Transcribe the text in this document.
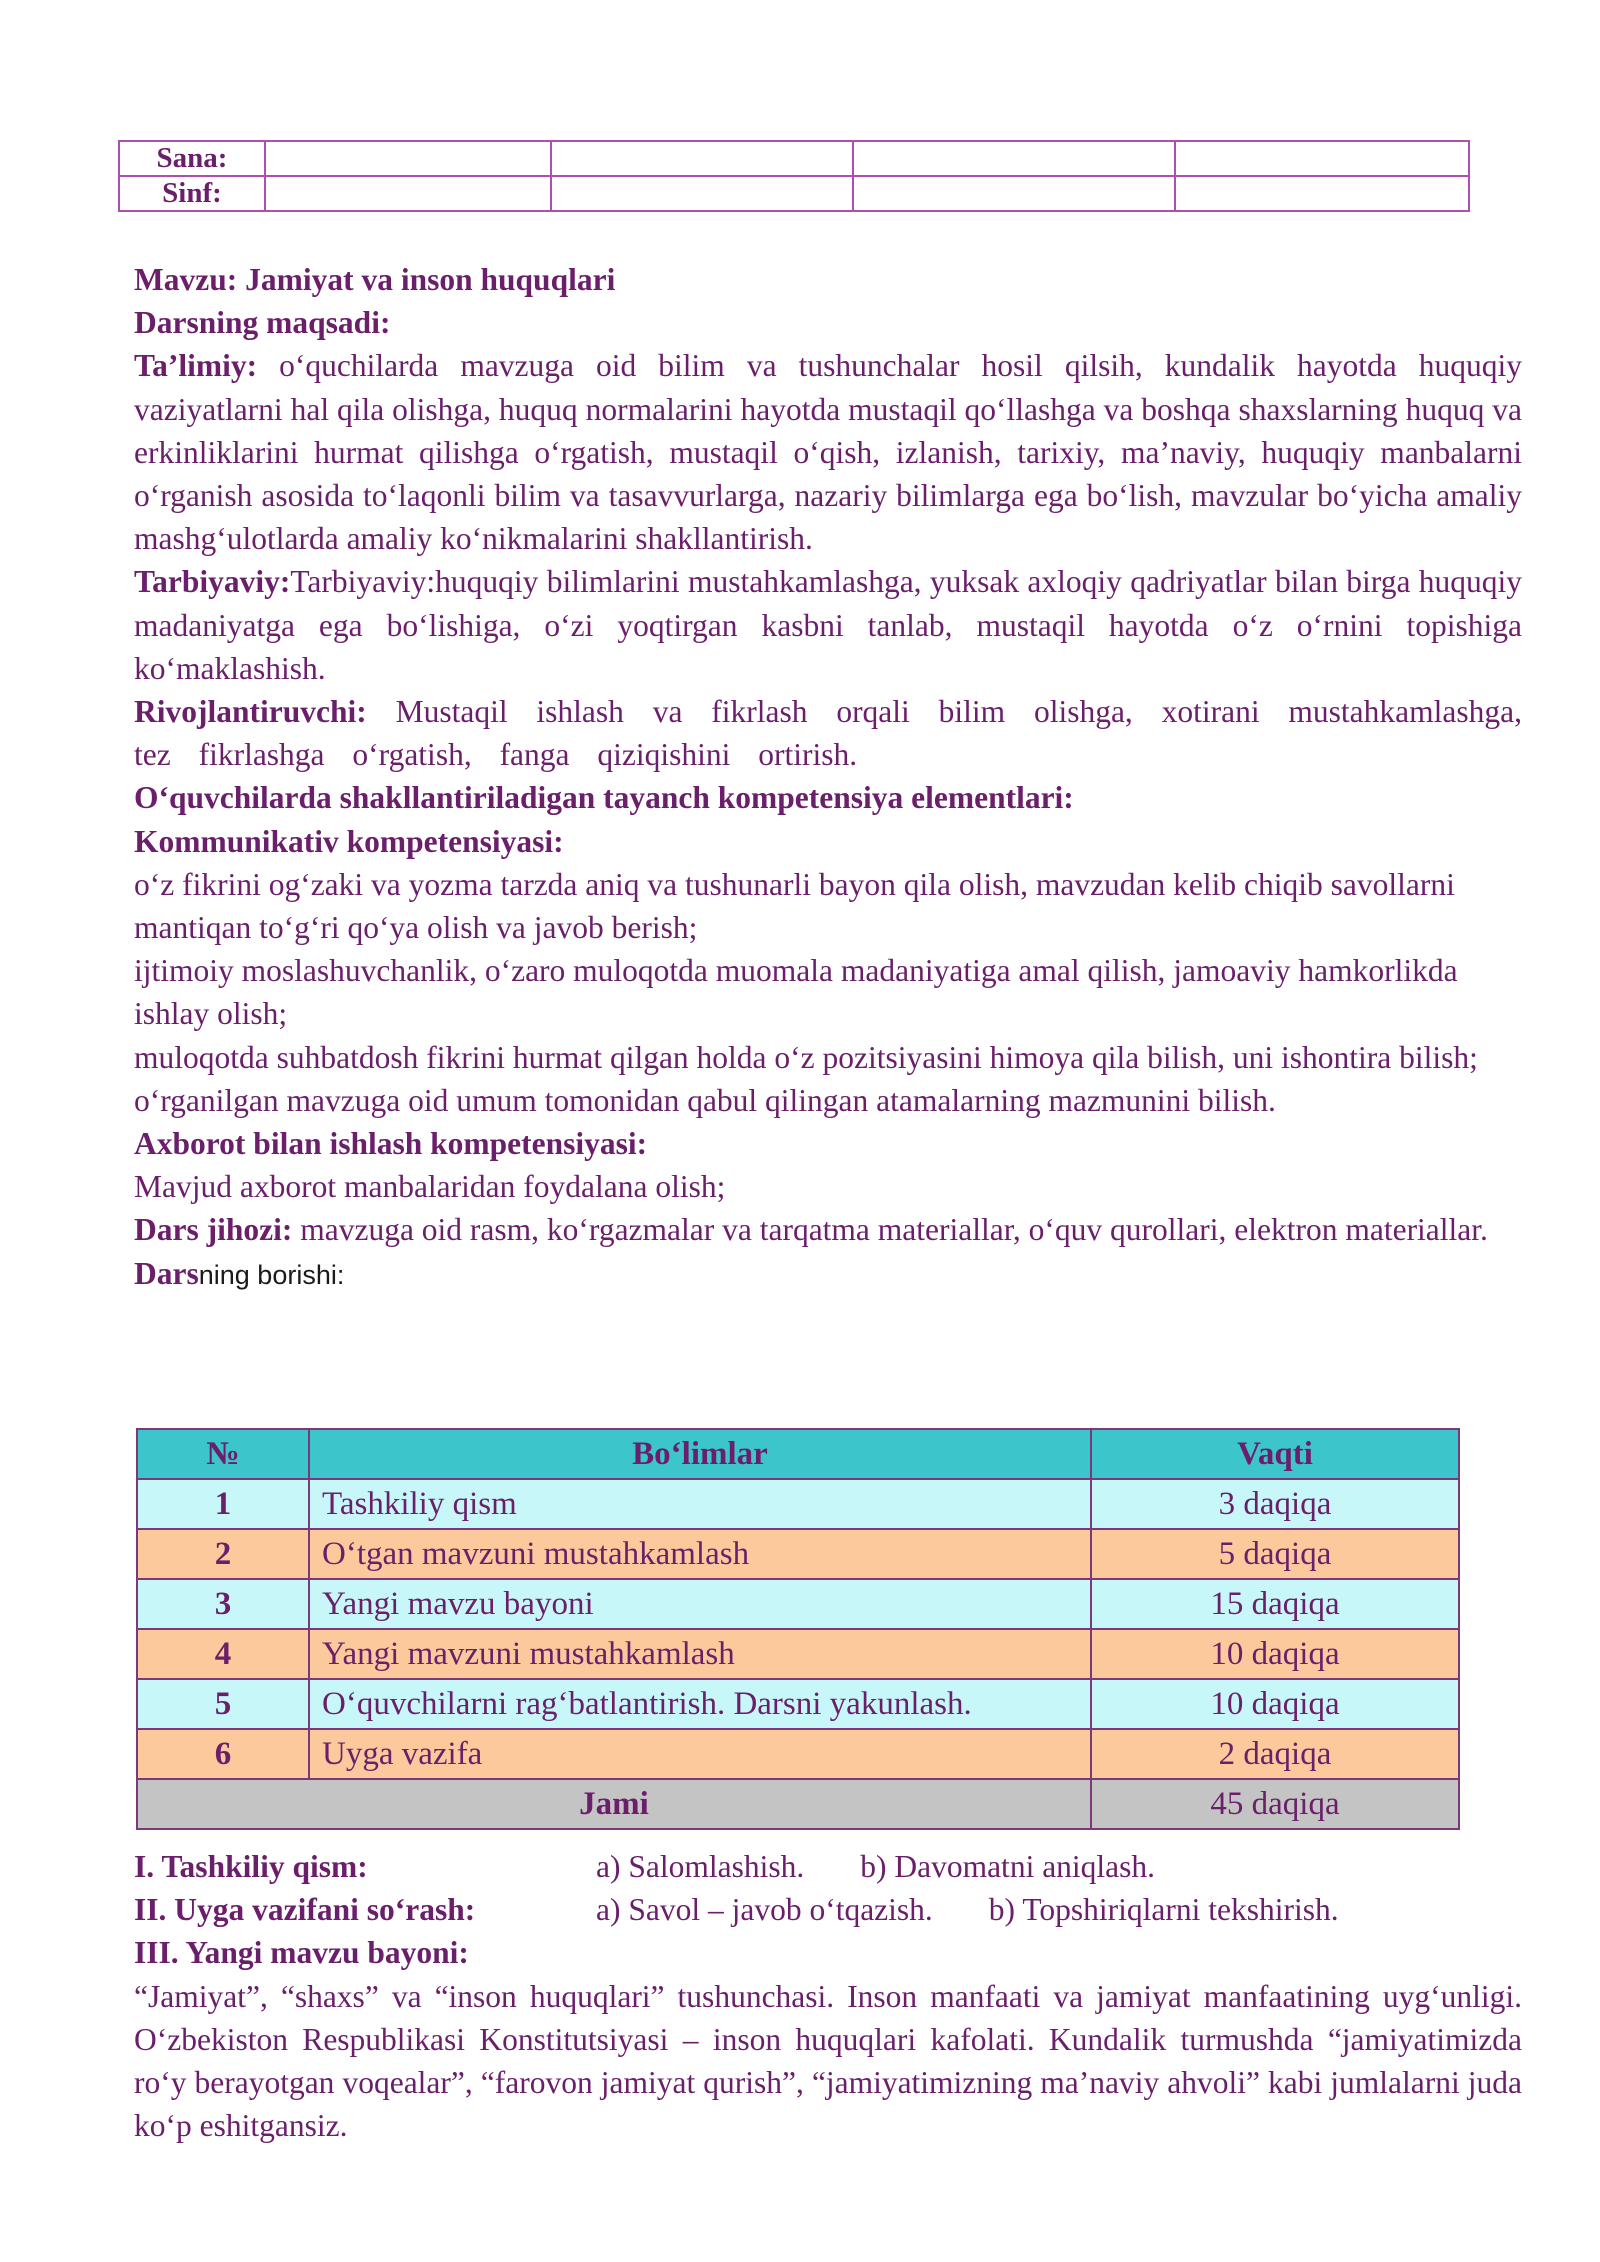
Sana:				
Sinf:				

Mavzu: Jamiyat va inson huquqlari

Darsning maqsadi:

Ta’limiy: o‘quchilarda mavzuga oid bilim va tushunchalar hosil qilsih, kundalik hayotda huquqiy vaziyatlarni hal qila olishga, huquq normalarini hayotda mustaqil qo‘llashga va boshqa shaxslarning huquq va erkinliklarini hurmat qilishga o‘rgatish, mustaqil o‘qish, izlanish, tarixiy, ma’naviy, huquqiy manbalarni o‘rganish asosida to‘laqonli bilim va tasavvurlarga, nazariy bilimlarga ega bo‘lish, mavzular bo‘yicha amaliy mashg‘ulotlarda amaliy ko‘nikmalarini shakllantirish.

Tarbiyaviy:Tarbiyaviy:huquqiy bilimlarini mustahkamlashga, yuksak axloqiy qadriyatlar bilan birga huquqiy madaniyatga ega bo‘lishiga, o‘zi yoqtirgan kasbni tanlab, mustaqil hayotda o‘z o‘rnini topishiga ko‘maklashish.

Rivojlantiruvchi: Mustaqil ishlash va fikrlash orqali bilim olishga, xotirani mustahkamlashga, tez fikrlashga o‘rgatish, fanga qiziqishini ortirish.

O‘quvchilarda shakllantiriladigan tayanch kompetensiya elementlari:

Kommunikativ kompetensiyasi:

o‘z fikrini og‘zaki va yozma tarzda aniq va tushunarli bayon qila olish, mavzudan kelib chiqib savollarni mantiqan to‘g‘ri qo‘ya olish va javob berish;

ijtimoiy moslashuvchanlik, o‘zaro muloqotda muomala madaniyatiga amal qilish, jamoaviy hamkorlikda ishlay olish;

muloqotda suhbatdosh fikrini hurmat qilgan holda o‘z pozitsiyasini himoya qila bilish, uni ishontira bilish;

o‘rganilgan mavzuga oid umum tomonidan qabul qilingan atamalarning mazmunini bilish.

Axborot bilan ishlash kompetensiyasi:

Mavjud axborot manbalaridan foydalana olish;

Dars jihozi: mavzuga oid rasm, ko‘rgazmalar va tarqatma materiallar, o‘quv qurollari, elektron materiallar.

Darsning borishi:

№	Bo‘limlar	Vaqti
1	Tashkiliy qism	3 daqiqa
2	O‘tgan mavzuni mustahkamlash	5 daqiqa
3	Yangi mavzu bayoni	15 daqiqa
4	Yangi mavzuni mustahkamlash	10 daqiqa
5	O‘quvchilarni rag‘batlantirish. Darsni yakunlash.	10 daqiqa
6	Uyga vazifa	2 daqiqa
Jami		45 daqiqa
I. Tashkiliy qism:	a) Salomlashish. b) Davomatni aniqlash.
II. Uyga vazifani so‘rash:	a) Savol – javob o‘tqazish. b) Topshiriqlarni tekshirish.

III. Yangi mavzu bayoni:

“Jamiyat”, “shaxs” va “inson huquqlari” tushunchasi. Inson manfaati va jamiyat manfaatining uyg‘unligi. O‘zbekiston Respublikasi Konstitutsiyasi – inson huquqlari kafolati. Kundalik turmushda “jamiyatimizda ro‘y berayotgan voqealar”, “farovon jamiyat qurish”, “jamiyatimizning ma’naviy ahvoli” kabi jumlalarni juda ko‘p eshitgansiz.
